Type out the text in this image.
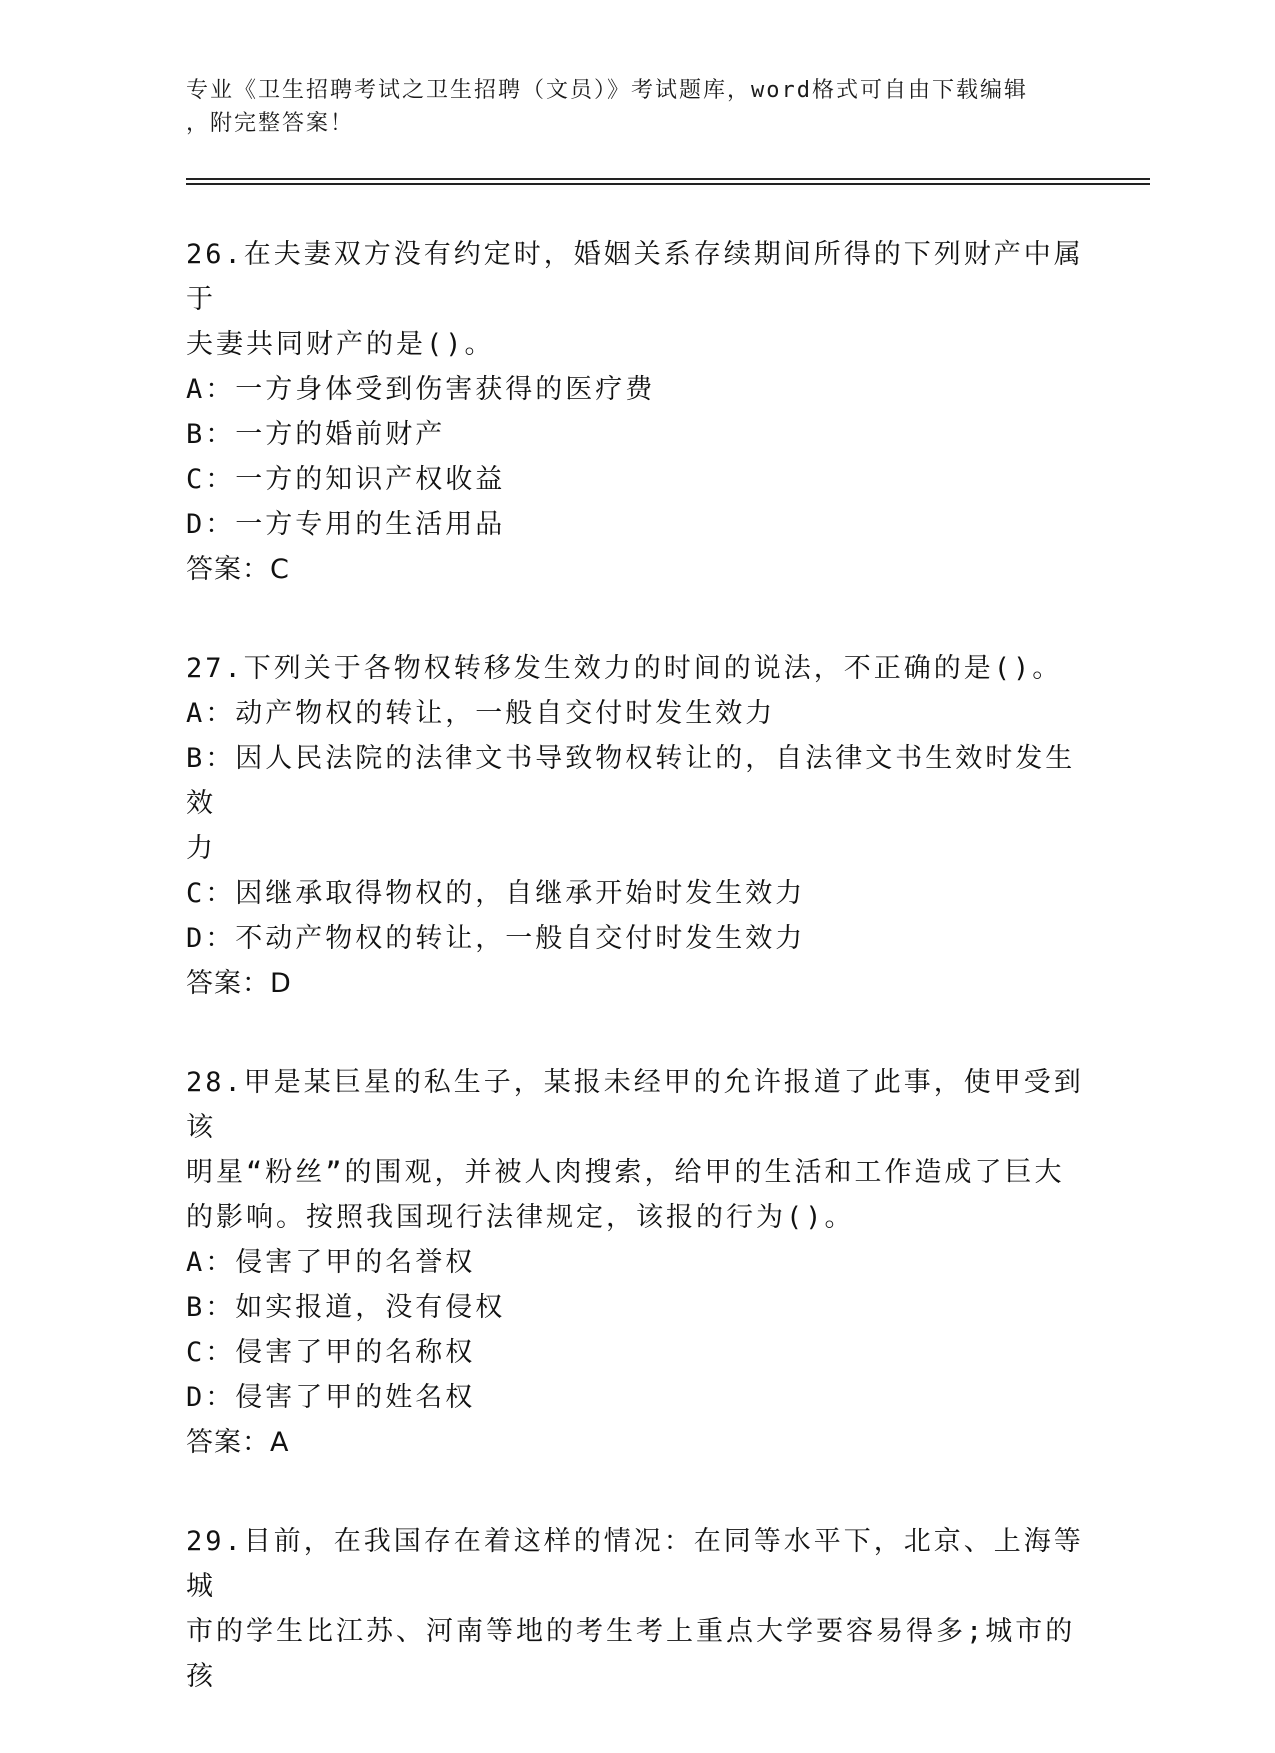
专业《卫生招聘考试之卫生招聘（文员）》考试题库，word格式可自由下载编辑
，附完整答案！
26.在夫妻双方没有约定时，婚姻关系存续期间所得的下列财产中属于
夫妻共同财产的是()。
A：一方身体受到伤害获得的医疗费
B：一方的婚前财产
C：一方的知识产权收益
D：一方专用的生活用品
答案：C
27.下列关于各物权转移发生效力的时间的说法，不正确的是()。
A：动产物权的转让，一般自交付时发生效力
B：因人民法院的法律文书导致物权转让的，自法律文书生效时发生效
力
C：因继承取得物权的，自继承开始时发生效力
D：不动产物权的转让，一般自交付时发生效力
答案：D
28.甲是某巨星的私生子，某报未经甲的允许报道了此事，使甲受到该
明星“粉丝”的围观，并被人肉搜索，给甲的生活和工作造成了巨大
的影响。按照我国现行法律规定，该报的行为()。
A：侵害了甲的名誉权
B：如实报道，没有侵权
C：侵害了甲的名称权
D：侵害了甲的姓名权
答案：A
29.目前，在我国存在着这样的情况：在同等水平下，北京、上海等城
市的学生比江苏、河南等地的考生考上重点大学要容易得多;城市的孩
